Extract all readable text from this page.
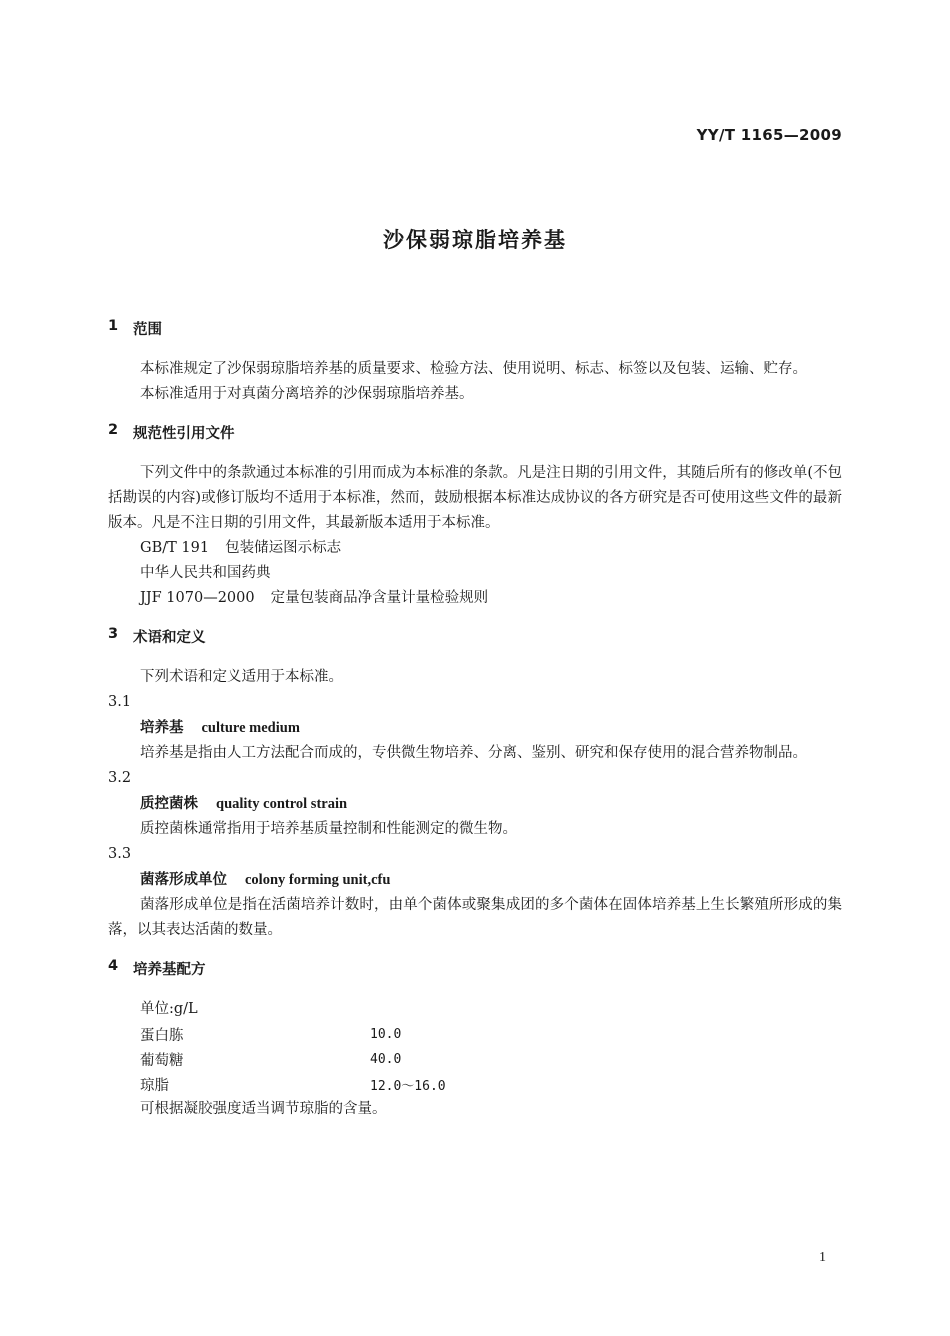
YY/T 1165—2009
沙保弱琼脂培养基
1	范围

本标准规定了沙保弱琼脂培养基的质量要求、检验方法、使用说明、标志、标签以及包装、运输、贮存。

本标准适用于对真菌分离培养的沙保弱琼脂培养基。

2	规范性引用文件

下列文件中的条款通过本标准的引用而成为本标准的条款。凡是注日期的引用文件，其随后所有的修改单(不包括勘误的内容)或修订版均不适用于本标准，然而，鼓励根据本标准达成协议的各方研究是否可使用这些文件的最新版本。凡是不注日期的引用文件，其最新版本适用于本标准。

GB/T 191 包装储运图示标志

中华人民共和国药典

JJF 1070—2000 定量包装商品净含量计量检验规则

3	术语和定义

下列术语和定义适用于本标准。

3.1

培养基 culture medium

培养基是指由人工方法配合而成的，专供微生物培养、分离、鉴别、研究和保存使用的混合营养物制品。

3.2

质控菌株 quality control strain

质控菌株通常指用于培养基质量控制和性能测定的微生物。

3.3

菌落形成单位 colony forming unit,cfu

菌落形成单位是指在活菌培养计数时，由单个菌体或聚集成团的多个菌体在固体培养基上生长繁殖所形成的集落，以其表达活菌的数量。

4	培养基配方

单位:g/L

蛋白胨	10.0
葡萄糖	40.0
琼脂	12.0～16.0

可根据凝胶强度适当调节琼脂的含量。

1
